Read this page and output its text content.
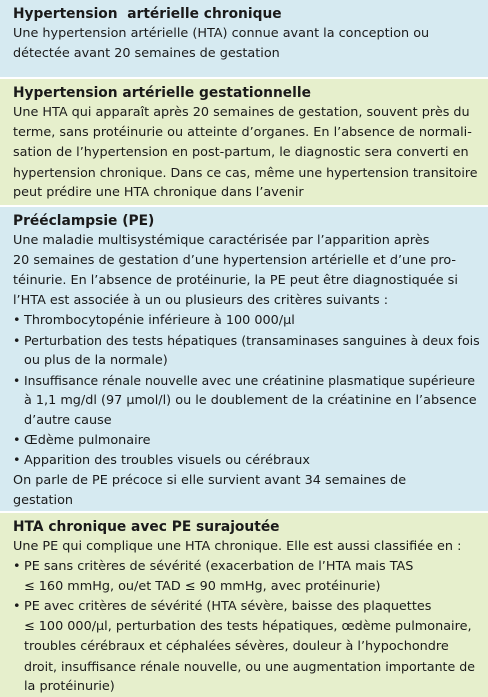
Hypertension  artérielle chronique
Une hypertension artérielle (HTA) connue avant la conception ou
détectée avant 20 semaines de gestation
Hypertension artérielle gestationnelle
Une HTA qui apparaît après 20 semaines de gestation, souvent près du
terme, sans protéinurie ou atteinte d’organes. En l’absence de normali-
sation de l’hypertension en post-partum, le diagnostic sera converti en
hypertension chronique. Dans ce cas, même une hypertension transitoire
peut prédire une HTA chronique dans l’avenir
Prééclampsie (PE)
Une maladie multisystémique caractérisée par l’apparition après
20 semaines de gestation d’une hypertension artérielle et d’une pro-
téinurie. En l’absence de protéinurie, la PE peut être diagnostiquée si
l’HTA est associée à un ou plusieurs des critères suivants :
• Thrombocytopénie inférieure à 100 000/µl
• Perturbation des tests hépatiques (transaminases sanguines à deux fois
ou plus de la normale)
• Insuffisance rénale nouvelle avec une créatinine plasmatique supérieure
à 1,1 mg/dl (97 µmol/l) ou le doublement de la créatinine en l’absence
d’autre cause
• Œdème pulmonaire
• Apparition des troubles visuels ou cérébraux
On parle de PE précoce si elle survient avant 34 semaines de
gestation
HTA chronique avec PE surajoutée
Une PE qui complique une HTA chronique. Elle est aussi classifiée en :
• PE sans critères de sévérité (exacerbation de l’HTA mais TAS
≤ 160 mmHg, ou/et TAD ≤ 90 mmHg, avec protéinurie)
• PE avec critères de sévérité (HTA sévère, baisse des plaquettes
≤ 100 000/µl, perturbation des tests hépatiques, œdème pulmonaire,
troubles cérébraux et céphalées sévères, douleur à l’hypochondre
droit, insuffisance rénale nouvelle, ou une augmentation importante de
la protéinurie)
